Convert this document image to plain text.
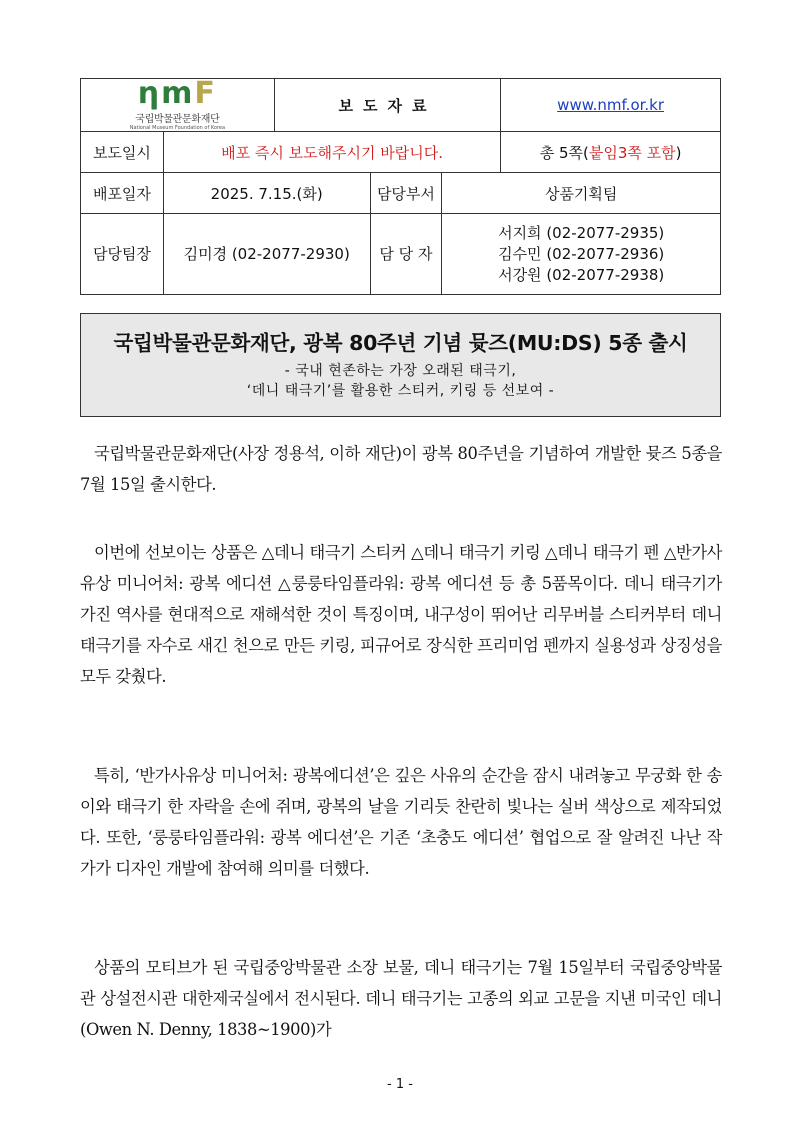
ηmF
국립박물관문화재단
National Museum Foundation of Korea		보도자료			www.nmf.or.kr
보도일시	배포 즉시 보도해주시기 바랍니다.				총 5쪽(붙임3쪽 포함)
배포일자	2025. 7.15.(화)		담당부서	상품기획팀	
담당팀장	김미경 (02-2077-2930)		담 당 자	서지희 (02-2077-2935)
김수민 (02-2077-2936)
서강원 (02-2077-2938)	
국립박물관문화재단, 광복 80주년 기념 뮷즈(MU:DS) 5종 출시
- 국내 현존하는 가장 오래된 태극기,
‘데니 태극기’를 활용한 스티커, 키링 등 선보여 -
국립박물관문화재단(사장 정용석, 이하 재단)이 광복 80주년을 기념하여 개발한 뮷즈 5종을 7월 15일 출시한다.
이번에 선보이는 상품은 △데니 태극기 스티커 △데니 태극기 키링 △데니 태극기 펜 △반가사유상 미니어처: 광복 에디션 △룽룽타임플라워: 광복 에디션 등 총 5품목이다. 데니 태극기가 가진 역사를 현대적으로 재해석한 것이 특징이며, 내구성이 뛰어난 리무버블 스티커부터 데니 태극기를 자수로 새긴 천으로 만든 키링, 피규어로 장식한 프리미엄 펜까지 실용성과 상징성을 모두 갖췄다.
특히, ‘반가사유상 미니어처: 광복에디션’은 깊은 사유의 순간을 잠시 내려놓고 무궁화 한 송이와 태극기 한 자락을 손에 쥐며, 광복의 날을 기리듯 찬란히 빛나는 실버 색상으로 제작되었다. 또한, ‘룽룽타임플라워: 광복 에디션’은 기존 ‘초충도 에디션’ 협업으로 잘 알려진 나난 작가가 디자인 개발에 참여해 의미를 더했다.
상품의 모티브가 된 국립중앙박물관 소장 보물, 데니 태극기는 7월 15일부터 국립중앙박물관 상설전시관 대한제국실에서 전시된다. 데니 태극기는 고종의 외교 고문을 지낸 미국인 데니(Owen N. Denny, 1838~1900)가
- 1 -
